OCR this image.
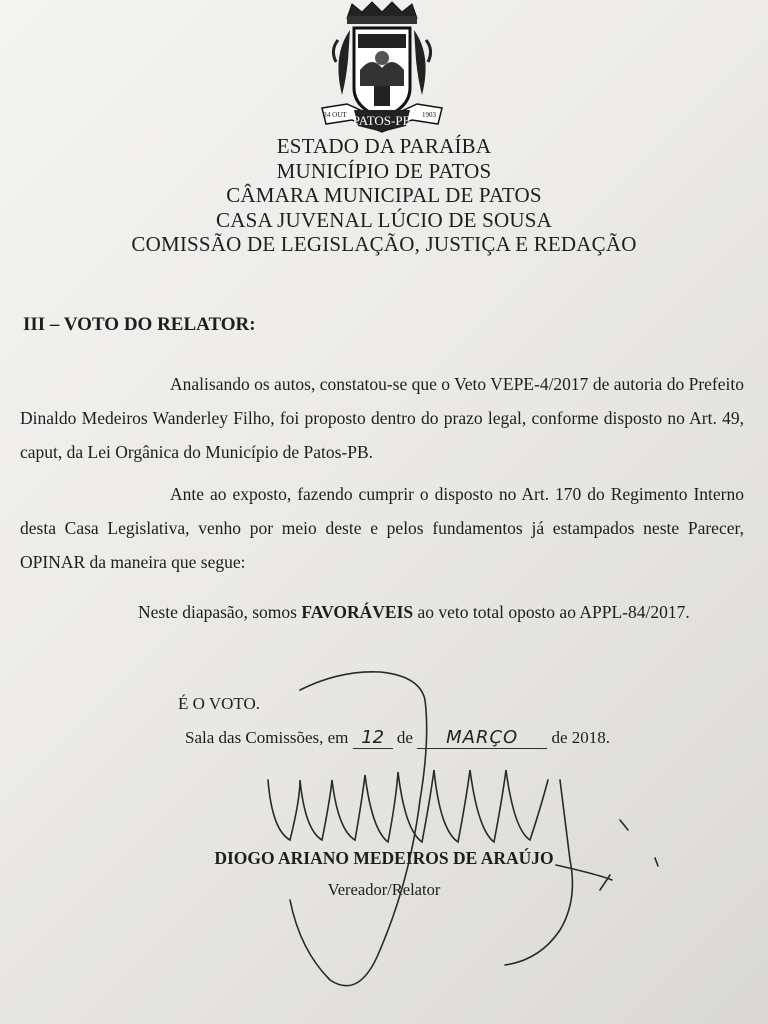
PATOS-PB
24 OUT	1903
ESTADO DA PARAÍBA
MUNICÍPIO DE PATOS
CÂMARA MUNICIPAL DE PATOS
CASA JUVENAL LÚCIO DE SOUSA
COMISSÃO DE LEGISLAÇÃO, JUSTIÇA E REDAÇÃO
III – VOTO DO RELATOR:
Analisando os autos, constatou-se que o Veto VEPE-4/2017 de autoria do Prefeito Dinaldo Medeiros Wanderley Filho, foi proposto dentro do prazo legal, conforme disposto no Art. 49, caput, da Lei Orgânica do Município de Patos-PB.
Ante ao exposto, fazendo cumprir o disposto no Art. 170 do Regimento Interno desta Casa Legislativa, venho por meio deste e pelos fundamentos já estampados neste Parecer, OPINAR da maneira que segue:
Neste diapasão, somos FAVORÁVEIS ao veto total oposto ao APPL-84/2017.
É O VOTO.
Sala das Comissões, em 12 de MARÇO de 2018.
DIOGO ARIANO MEDEIROS DE ARAÚJO
Vereador/Relator
